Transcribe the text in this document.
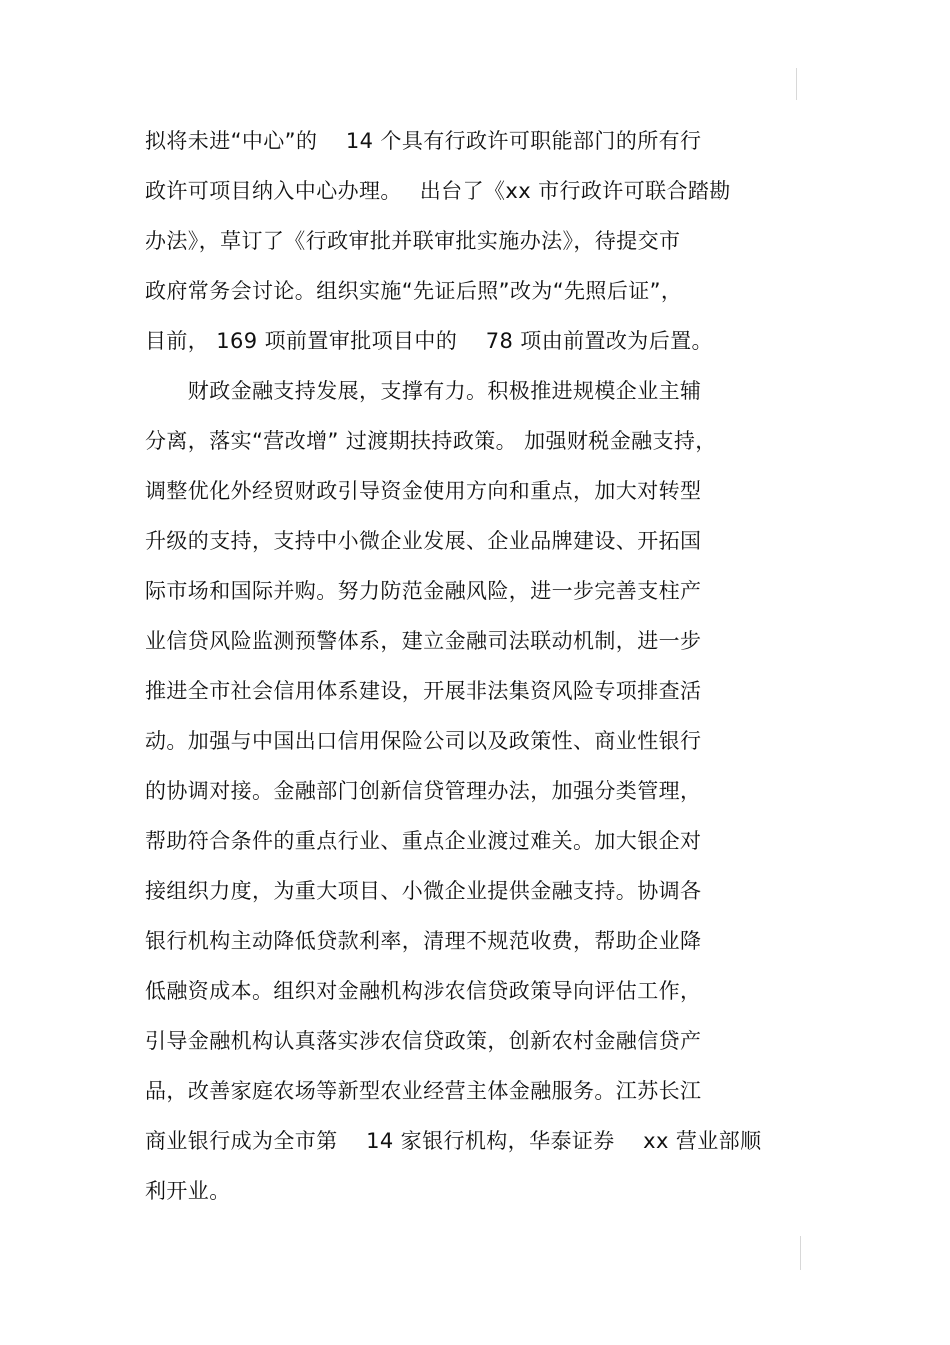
拟将未进“中心”的　 14 个具有行政许可职能部门的所有行
政许可项目纳入中心办理。　 出台了《xx 市行政许可联合踏勘
办法》，草订了《行政审批并联审批实施办法》，待提交市
政府常务会讨论。组织实施“先证后照”改为“先照后证”，
目前， 169 项前置审批项目中的　 78 项由前置改为后置。
　　财政金融支持发展，支撑有力。积极推进规模企业主辅
分离，落实“营改增” 过渡期扶持政策。 加强财税金融支持，
调整优化外经贸财政引导资金使用方向和重点，加大对转型
升级的支持，支持中小微企业发展、企业品牌建设、开拓国
际市场和国际并购。努力防范金融风险，进一步完善支柱产
业信贷风险监测预警体系，建立金融司法联动机制，进一步
推进全市社会信用体系建设，开展非法集资风险专项排查活
动。加强与中国出口信用保险公司以及政策性、商业性银行
的协调对接。金融部门创新信贷管理办法，加强分类管理，
帮助符合条件的重点行业、重点企业渡过难关。加大银企对
接组织力度，为重大项目、小微企业提供金融支持。协调各
银行机构主动降低贷款利率，清理不规范收费，帮助企业降
低融资成本。组织对金融机构涉农信贷政策导向评估工作，
引导金融机构认真落实涉农信贷政策，创新农村金融信贷产
品，改善家庭农场等新型农业经营主体金融服务。江苏长江
商业银行成为全市第　 14 家银行机构，华泰证券　 xx 营业部顺
利开业。
